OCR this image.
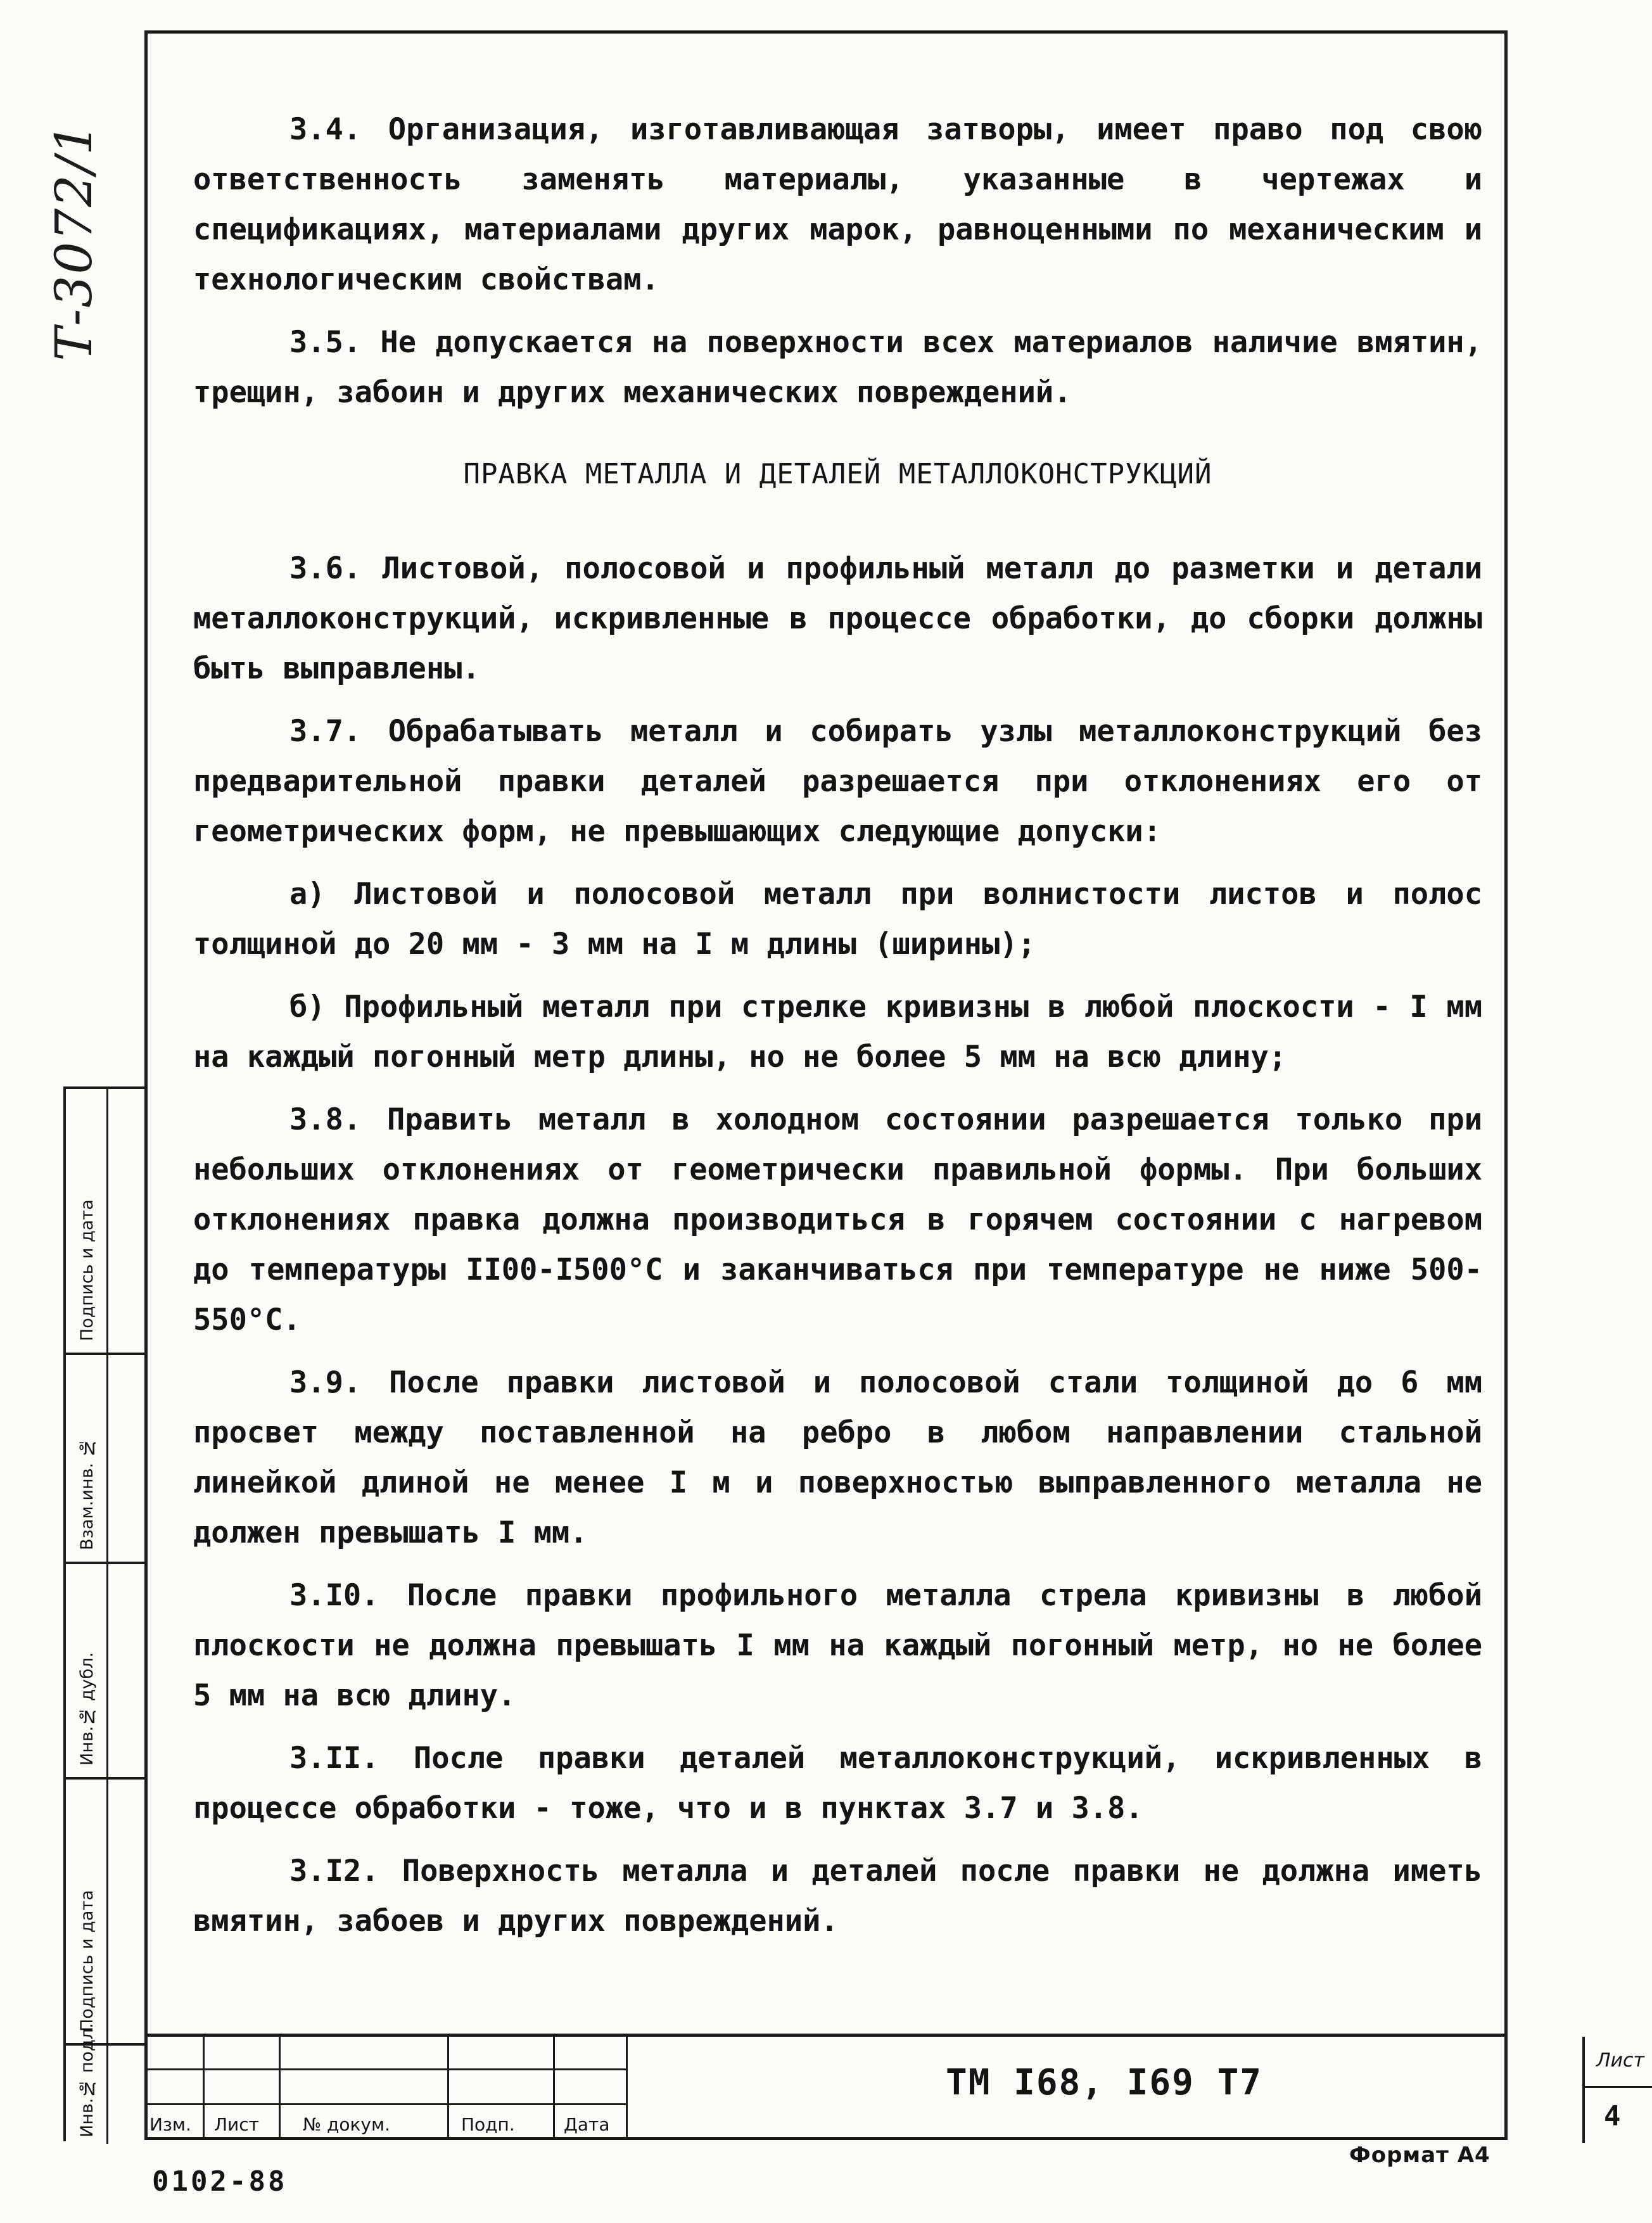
Т-3072/1	3.4. Организация, изготавливающая затворы, имеет право под свою ответственность заменять материалы, указанные в чертежах и спецификациях, материалами других марок, равноценными по механическим и технологическим свойствам.

3.5. Не допускается на поверхности всех материалов наличие вмятин, трещин, забоин и других механических повреждений.

ПРАВКА МЕТАЛЛА И ДЕТАЛЕЙ МЕТАЛЛОКОНСТРУКЦИЙ

3.6. Листовой, полосовой и профильный металл до разметки и детали металлоконструкций, искривленные в процессе обработки, до сборки должны быть выправлены.

3.7. Обрабатывать металл и собирать узлы металлоконструкций без предварительной правки деталей разрешается при отклонениях его от геометрических форм, не превышающих следующие допуски:

а) Листовой и полосовой металл при волнистости листов и полос толщиной до 20 мм - 3 мм на I м длины (ширины);

б) Профильный металл при стрелке кривизны в любой плоскости - I мм на каждый погонный метр длины, но не более 5 мм на всю длину;

3.8. Править металл в холодном состоянии разрешается только при небольших отклонениях от геометрически правильной формы. При больших отклонениях правка должна производиться в горячем состоянии с нагревом до температуры II00-I500°C и заканчиваться при температуре не ниже 500-550°C.

3.9. После правки листовой и полосовой стали толщиной до 6 мм просвет между поставленной на ребро в любом направлении стальной линейкой длиной не менее I м и поверхностью выправленного металла не должен превышать I мм.

3.I0. После правки профильного металла стрела кривизны в любой плоскости не должна превышать I мм на каждый погонный метр, но не более 5 мм на всю длину.

3.II. После правки деталей металлоконструкций, искривленных в процессе обработки - тоже, что и в пунктах 3.7 и 3.8.

3.I2. Поверхность металла и деталей после правки не должна иметь вмятин, забоев и других повреждений.

Подпись и дата
Взам.инв. №
Инв.№ дубл.
Подпись и дата
Инв.№ подл.	Изм. Лист № докум.	Подп.	Дата
ТМ I68, I69 Т7
Лист
4
Формат А4
0102-88
